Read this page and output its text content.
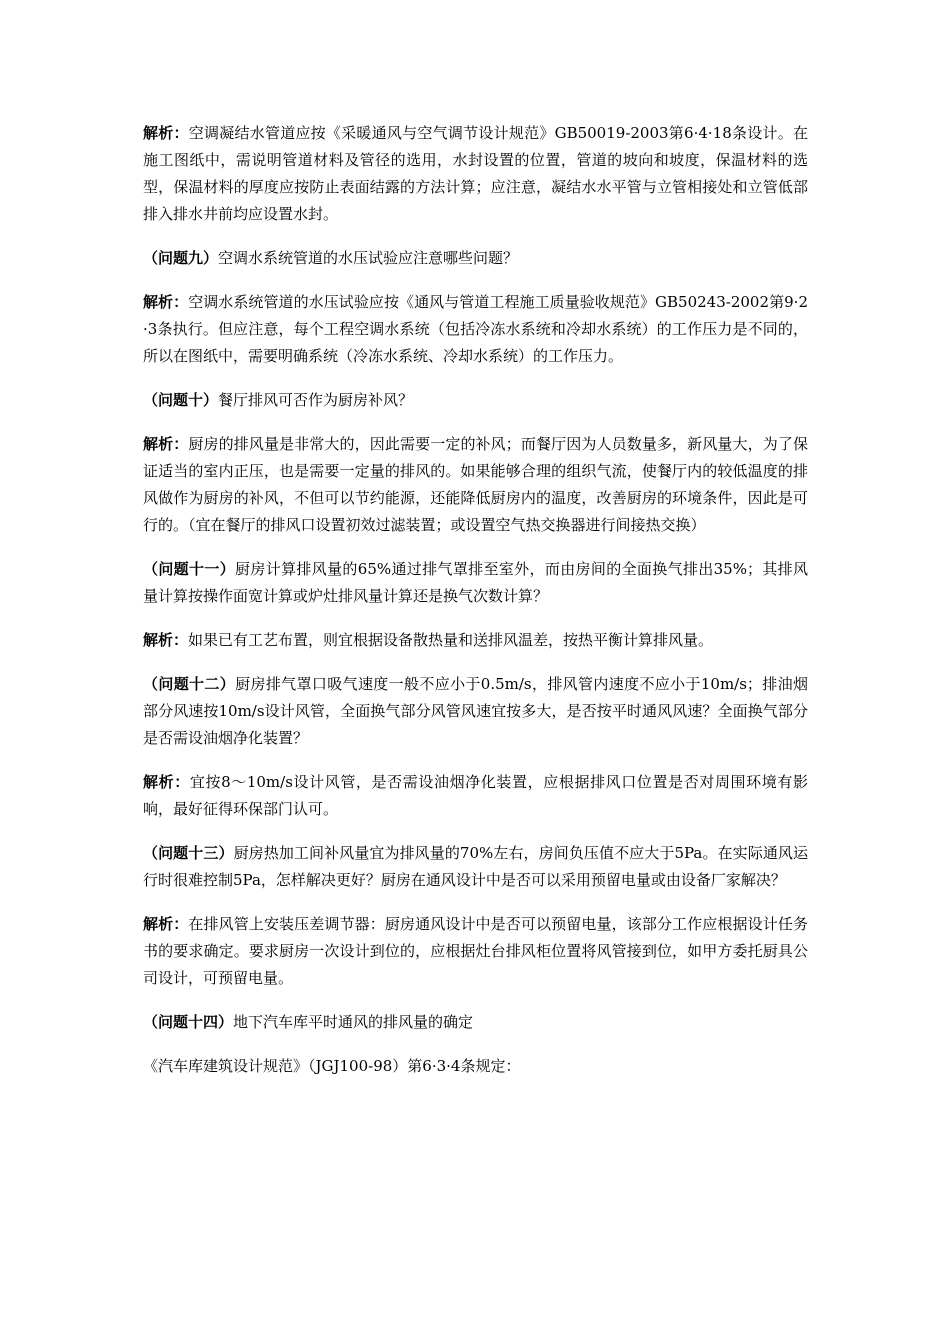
解析：空调凝结水管道应按《采暖通风与空气调节设计规范》GB50019-2003第6·4·18条设计。在施工图纸中，需说明管道材料及管径的选用，水封设置的位置，管道的坡向和坡度，保温材料的选型，保温材料的厚度应按防止表面结露的方法计算；应注意，凝结水水平管与立管相接处和立管低部排入排水井前均应设置水封。

（问题九）空调水系统管道的水压试验应注意哪些问题？

解析：空调水系统管道的水压试验应按《通风与管道工程施工质量验收规范》GB50243-2002第9·2·3条执行。但应注意，每个工程空调水系统（包括冷冻水系统和冷却水系统）的工作压力是不同的，所以在图纸中，需要明确系统（冷冻水系统、冷却水系统）的工作压力。

（问题十）餐厅排风可否作为厨房补风？

解析：厨房的排风量是非常大的，因此需要一定的补风；而餐厅因为人员数量多，新风量大，为了保证适当的室内正压，也是需要一定量的排风的。如果能够合理的组织气流，使餐厅内的较低温度的排风做作为厨房的补风，不但可以节约能源，还能降低厨房内的温度，改善厨房的环境条件，因此是可行的。（宜在餐厅的排风口设置初效过滤装置；或设置空气热交换器进行间接热交换）

（问题十一）厨房计算排风量的65%通过排气罩排至室外，而由房间的全面换气排出35%；其排风量计算按操作面宽计算或炉灶排风量计算还是换气次数计算？

解析：如果已有工艺布置，则宜根据设备散热量和送排风温差，按热平衡计算排风量。

（问题十二）厨房排气罩口吸气速度一般不应小于0.5m/s，排风管内速度不应小于10m/s；排油烟部分风速按10m/s设计风管，全面换气部分风管风速宜按多大，是否按平时通风风速？全面换气部分是否需设油烟净化装置？

解析：宜按8～10m/s设计风管，是否需设油烟净化装置，应根据排风口位置是否对周围环境有影响，最好征得环保部门认可。

（问题十三）厨房热加工间补风量宜为排风量的70%左右，房间负压值不应大于5Pa。在实际通风运行时很难控制5Pa，怎样解决更好？厨房在通风设计中是否可以采用预留电量或由设备厂家解决？

解析：在排风管上安装压差调节器：厨房通风设计中是否可以预留电量，该部分工作应根据设计任务书的要求确定。要求厨房一次设计到位的，应根据灶台排风柜位置将风管接到位，如甲方委托厨具公司设计，可预留电量。

（问题十四）地下汽车库平时通风的排风量的确定

《汽车库建筑设计规范》（JGJ100-98）第6·3·4条规定：
